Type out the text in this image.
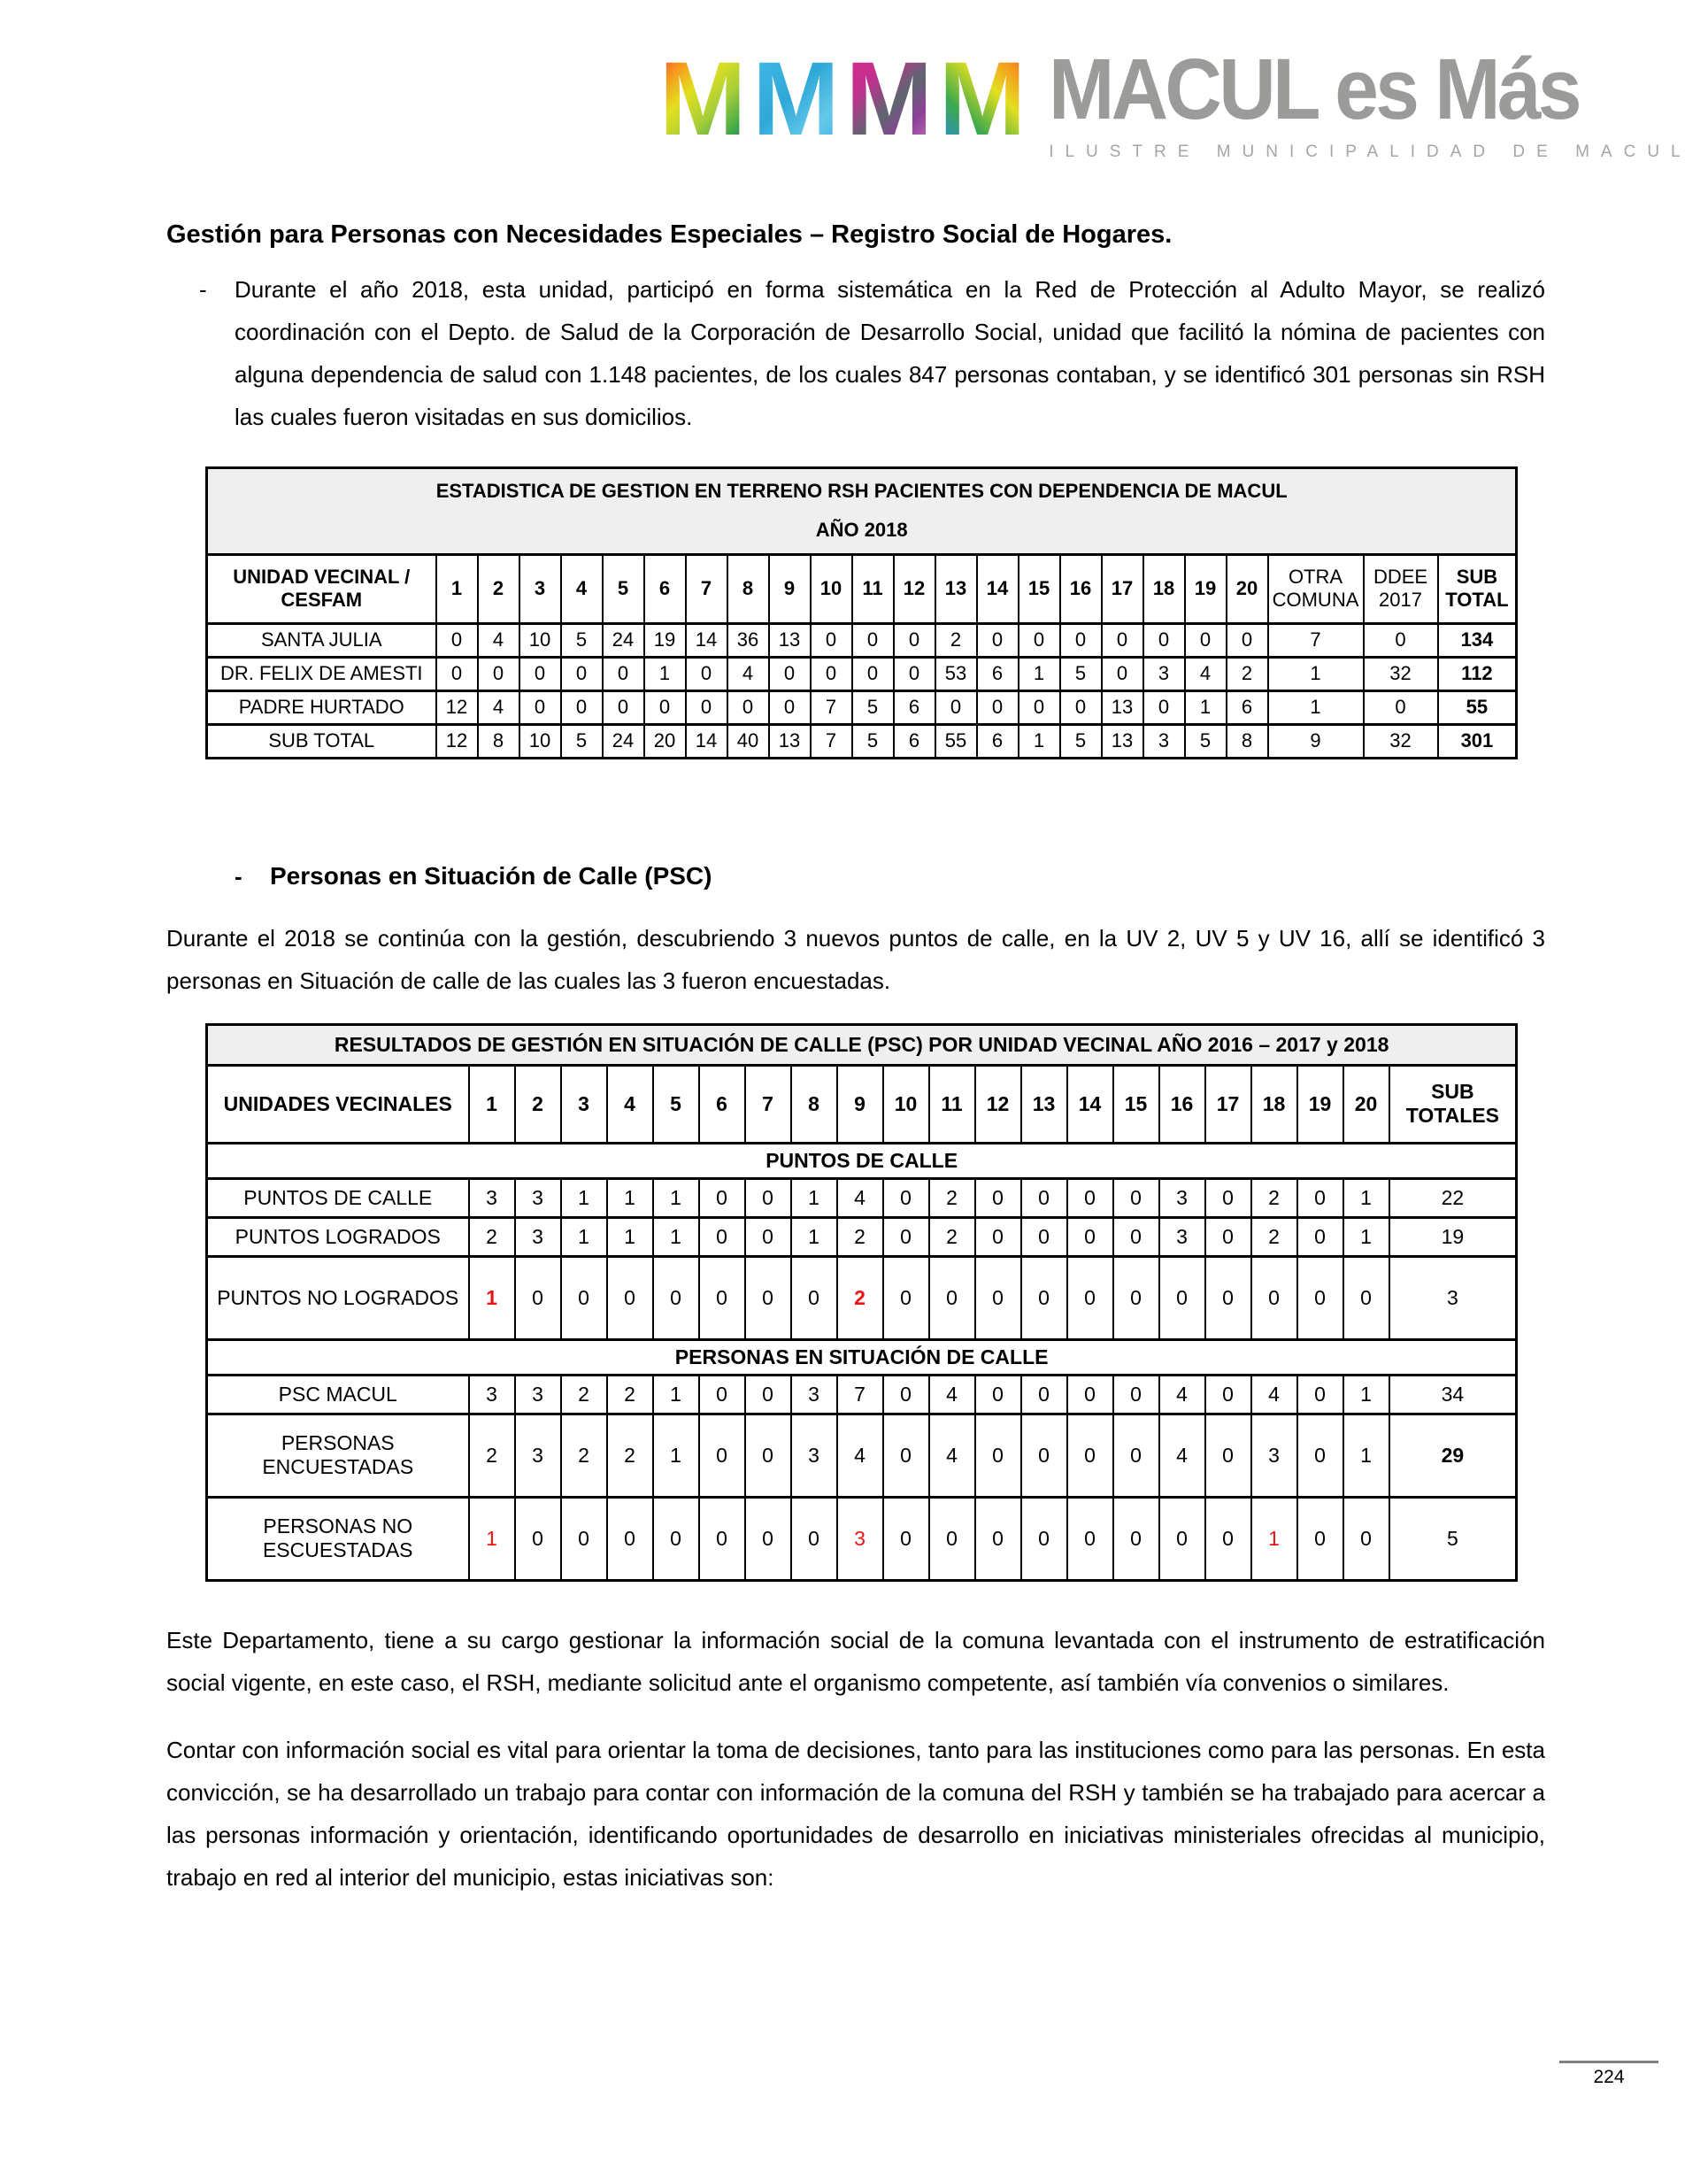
M M M M MACUL es Más
ILUSTRE MUNICIPALIDAD DE MACUL
Gestión para Personas con Necesidades Especiales – Registro Social de Hogares.
-	Durante el año 2018, esta unidad, participó en forma sistemática en la Red de Protección al Adulto Mayor, se realizó coordinación con el Depto. de Salud de la Corporación de Desarrollo Social, unidad que facilitó la nómina de pacientes con alguna dependencia de salud con 1.148 pacientes, de los cuales 847 personas contaban, y se identificó 301 personas sin RSH las cuales fueron visitadas en sus domicilios.
ESTADISTICA DE GESTION EN TERRENO RSH PACIENTES CON DEPENDENCIA DE MACUL
AÑO 2018																							

UNIDAD VECINAL / CESFAM	1	2	3	4	5	6	7	8	9	10	11	12	13	14	15	16	17	18	19	20	OTRA COMUNA	DDEE 2017	SUB TOTAL
SANTA JULIA	0	4	10	5	24	19	14	36	13	0	0	0	2	0	0	0	0	0	0	0	7	0	134
DR. FELIX DE AMESTI	0	0	0	0	0	1	0	4	0	0	0	0	53	6	1	5	0	3	4	2	1	32	112
PADRE HURTADO	12	4	0	0	0	0	0	0	0	7	5	6	0	0	0	0	13	0	1	6	1	0	55
SUB TOTAL	12	8	10	5	24	20	14	40	13	7	5	6	55	6	1	5	13	3	5	8	9	32	301
-	Personas en Situación de Calle (PSC)
Durante el 2018 se continúa con la gestión, descubriendo 3 nuevos puntos de calle, en la UV 2, UV 5 y UV 16, allí se identificó 3 personas en Situación de calle de las cuales las 3 fueron encuestadas.
RESULTADOS DE GESTIÓN EN SITUACIÓN DE CALLE (PSC) POR UNIDAD VECINAL AÑO 2016 – 2017 y 2018																					
UNIDADES VECINALES	1	2	3	4	5	6	7	8	9	10	11	12	13	14	15	16	17	18	19	20	SUB TOTALES
PUNTOS DE CALLE																					
PUNTOS DE CALLE	3	3	1	1	1	0	0	1	4	0	2	0	0	0	0	3	0	2	0	1	22
PUNTOS LOGRADOS	2	3	1	1	1	0	0	1	2	0	2	0	0	0	0	3	0	2	0	1	19
PUNTOS NO LOGRADOS	1	0	0	0	0	0	0	0	2	0	0	0	0	0	0	0	0	0	0	0	3
PERSONAS EN SITUACIÓN DE CALLE																					
PSC MACUL	3	3	2	2	1	0	0	3	7	0	4	0	0	0	0	4	0	4	0	1	34
PERSONAS ENCUESTADAS	2	3	2	2	1	0	0	3	4	0	4	0	0	0	0	4	0	3	0	1	29
PERSONAS NO ESCUESTADAS	1	0	0	0	0	0	0	0	3	0	0	0	0	0	0	0	0	1	0	0	5
Este Departamento, tiene a su cargo gestionar la información social de la comuna levantada con el instrumento de estratificación social vigente, en este caso, el RSH, mediante solicitud ante el organismo competente, así también vía convenios o similares.
Contar con información social es vital para orientar la toma de decisiones, tanto para las instituciones como para las personas. En esta convicción, se ha desarrollado un trabajo para contar con información de la comuna del RSH y también se ha trabajado para acercar a las personas información y orientación, identificando oportunidades de desarrollo en iniciativas ministeriales ofrecidas al municipio, trabajo en red al interior del municipio, estas iniciativas son:
224
